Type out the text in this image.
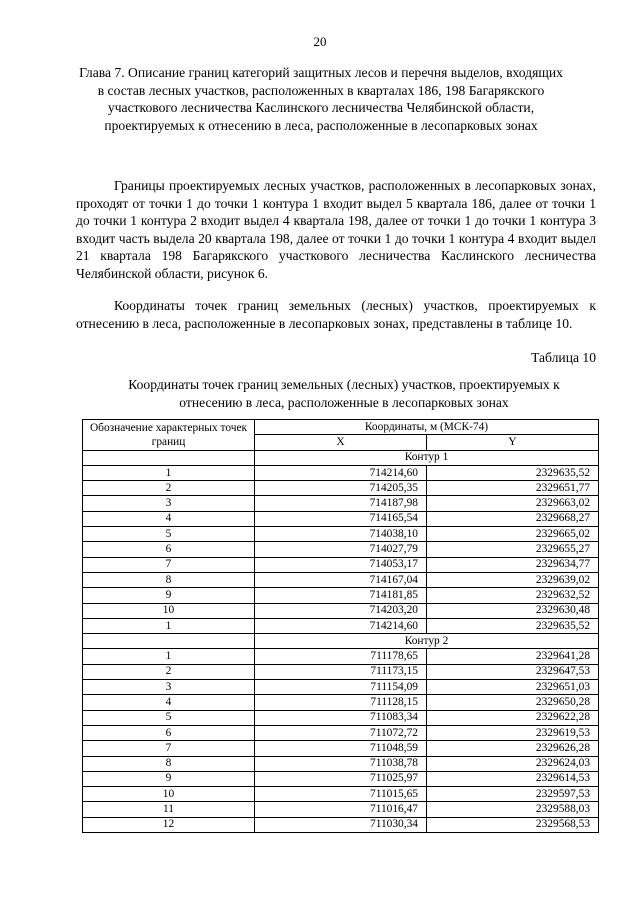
20
Глава 7. Описание границ категорий защитных лесов и перечня выделов, входящих в состав лесных участков, расположенных в кварталах 186, 198 Багарякского участкового лесничества Каслинского лесничества Челябинской области, проектируемых к отнесению в леса, расположенные в лесопарковых зонах

Границы проектируемых лесных участков, расположенных в лесопарковых зонах, проходят от точки 1 до точки 1 контура 1 входит выдел 5 квартала 186, далее от точки 1 до точки 1 контура 2 входит выдел 4 квартала 198, далее от точки 1 до точки 1 контура 3 входит часть выдела 20 квартала 198, далее от точки 1 до точки 1 контура 4 входит выдел 21 квартала 198 Багарякского участкового лесничества Каслинского лесничества Челябинской области, рисунок 6.

Координаты точек границ земельных (лесных) участков, проектируемых к отнесению в леса, расположенные в лесопарковых зонах, представлены в таблице 10.

Таблица 10
Координаты точек границ земельных (лесных) участков, проектируемых к отнесению в леса, расположенные в лесопарковых зонах
Обозначение характерных точек границ	Координаты, м (МСК-74)	
	X	Y
	Контур 1	
1	714214,60	2329635,52
2	714205,35	2329651,77
3	714187,98	2329663,02
4	714165,54	2329668,27
5	714038,10	2329665,02
6	714027,79	2329655,27
7	714053,17	2329634,77
8	714167,04	2329639,02
9	714181,85	2329632,52
10	714203,20	2329630,48
1	714214,60	2329635,52
	Контур 2	
1	711178,65	2329641,28
2	711173,15	2329647,53
3	711154,09	2329651,03
4	711128,15	2329650,28
5	711083,34	2329622,28
6	711072,72	2329619,53
7	711048,59	2329626,28
8	711038,78	2329624,03
9	711025,97	2329614,53
10	711015,65	2329597,53
11	711016,47	2329588,03
12	711030,34	2329568,53
